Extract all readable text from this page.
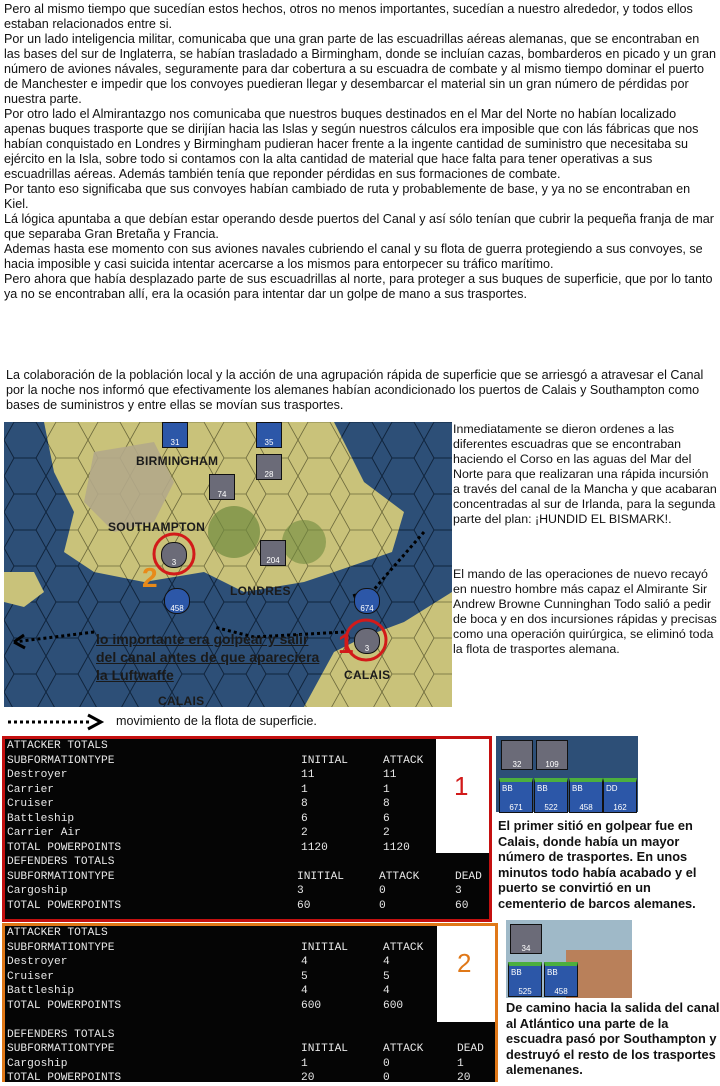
Pero al mismo tiempo que sucedían estos hechos, otros no menos importantes, sucedían a nuestro alrededor, y todos ellos estaban relacionados entre si.

Por un lado inteligencia militar, comunicaba que una gran parte de las escuadrillas aéreas alemanas, que se encontraban en las bases del sur de Inglaterra, se habían trasladado a Birmingham, donde se incluían cazas, bombarderos en picado y un gran número de aviones návales, seguramente para dar cobertura a su escuadra de combate y al mismo tiempo dominar el puerto de Manchester e impedir que los convoyes puedieran llegar y desembarcar el material sin un gran número de pérdidas por nuestra parte.

Por otro lado el Almirantazgo nos comunicaba que nuestros buques destinados en el Mar del Norte no habían localizado apenas buques trasporte que se dirijían hacia las Islas y según nuestros cálculos era imposible que con lás fábricas que nos habían conquistado en Londres y Birmingham pudieran hacer frente a la ingente cantidad de suministro que necesitaba su ejército en la Isla, sobre todo si contamos con la alta cantidad de material que hace falta para tener operativas a sus escuadrillas aéreas. Además también tenía que reponder pérdidas en sus formaciones de combate.

Por tanto eso significaba que sus convoyes habían cambiado de ruta y probablemente de base, y ya no se encontraban en Kiel.

Lá lógica apuntaba a que debían estar operando desde puertos del Canal y así sólo tenían que cubrir la pequeña franja de mar que separaba Gran Bretaña y Francia.

Ademas hasta ese momento con sus aviones navales cubriendo el canal y su flota de guerra protegiendo a sus convoyes, se hacia imposible y casi suicida intentar acercarse a los mismos para entorpecer su tráfico marítimo.

Pero ahora que había desplazado parte de sus escuadrillas al norte, para proteger a sus buques de superficie, que por lo tanto ya no se encontraban allí, era la ocasión para intentar dar un golpe de mano a sus trasportes.

La colaboración de la población local y la acción de una agrupación rápida de superficie que se arriesgó a atravesar el Canal por la noche nos informó que efectivamente los alemanes habían acondicionado los puertos de Calais y Southampton como bases de suministros y entre ellas se movían sus trasportes.
BIRMINGHAM
SOUTHAMPTON
LONDRES
CALAIS
CALAIS
lo importante era golpear y salir del canal antes de que apareciera la Luftwaffe
1
2
31	35
28
74
204
3
458	674
3
Inmediatamente se dieron ordenes a las diferentes escuadras que se encontraban haciendo el Corso en las aguas del Mar del Norte para que realizaran una rápida incursión a través del canal de la Mancha y que acabaran concentradas al sur de Irlanda, para la segunda parte del plan: ¡HUNDID EL BISMARK!.
El mando de las operaciones de nuevo recayó en nuestro hombre más capaz el Almirante Sir Andrew Browne Cunninghan Todo salió a pedir de boca y en dos incursiones rápidas y precisas como una operación quirúrgica, se eliminó toda la flota de trasportes alemana.
movimiento de la flota de superficie.
ATTACKER TOTALS
SUBFORMATIONTYPE	INITIAL	ATTACK
Destroyer	11	11
Carrier	1	1
Cruiser	8	8
Battleship	6	6
Carrier Air	2	2
TOTAL POWERPOINTS	1120	1120
DEFENDERS TOTALS
SUBFORMATIONTYPE	INITIAL	ATTACK	DEAD
Cargoship	3	0	3
TOTAL POWERPOINTS	60	0	60
1
ATTACKER TOTALS
SUBFORMATIONTYPE	INITIAL	ATTACK
Destroyer	4	4
Cruiser	5	5
Battleship	4	4
TOTAL POWERPOINTS	600	600
DEFENDERS TOTALS
SUBFORMATIONTYPE	INITIAL	ATTACK	DEAD
Cargoship	1	0	1
TOTAL POWERPOINTS	20	0	20
2
32	109
BB
671
BB
522
BB
458
DD
162
El primer sitió en golpear fue en Calais, donde había un mayor número de trasportes. En unos minutos todo había acabado y el puerto se convirtió en un cementerio de barcos alemanes.
34
BB
525
BB
458
De camino hacia la salida del canal al Atlántico una parte de la escuadra pasó por Southampton y destruyó el resto de los trasportes alemenanes.
